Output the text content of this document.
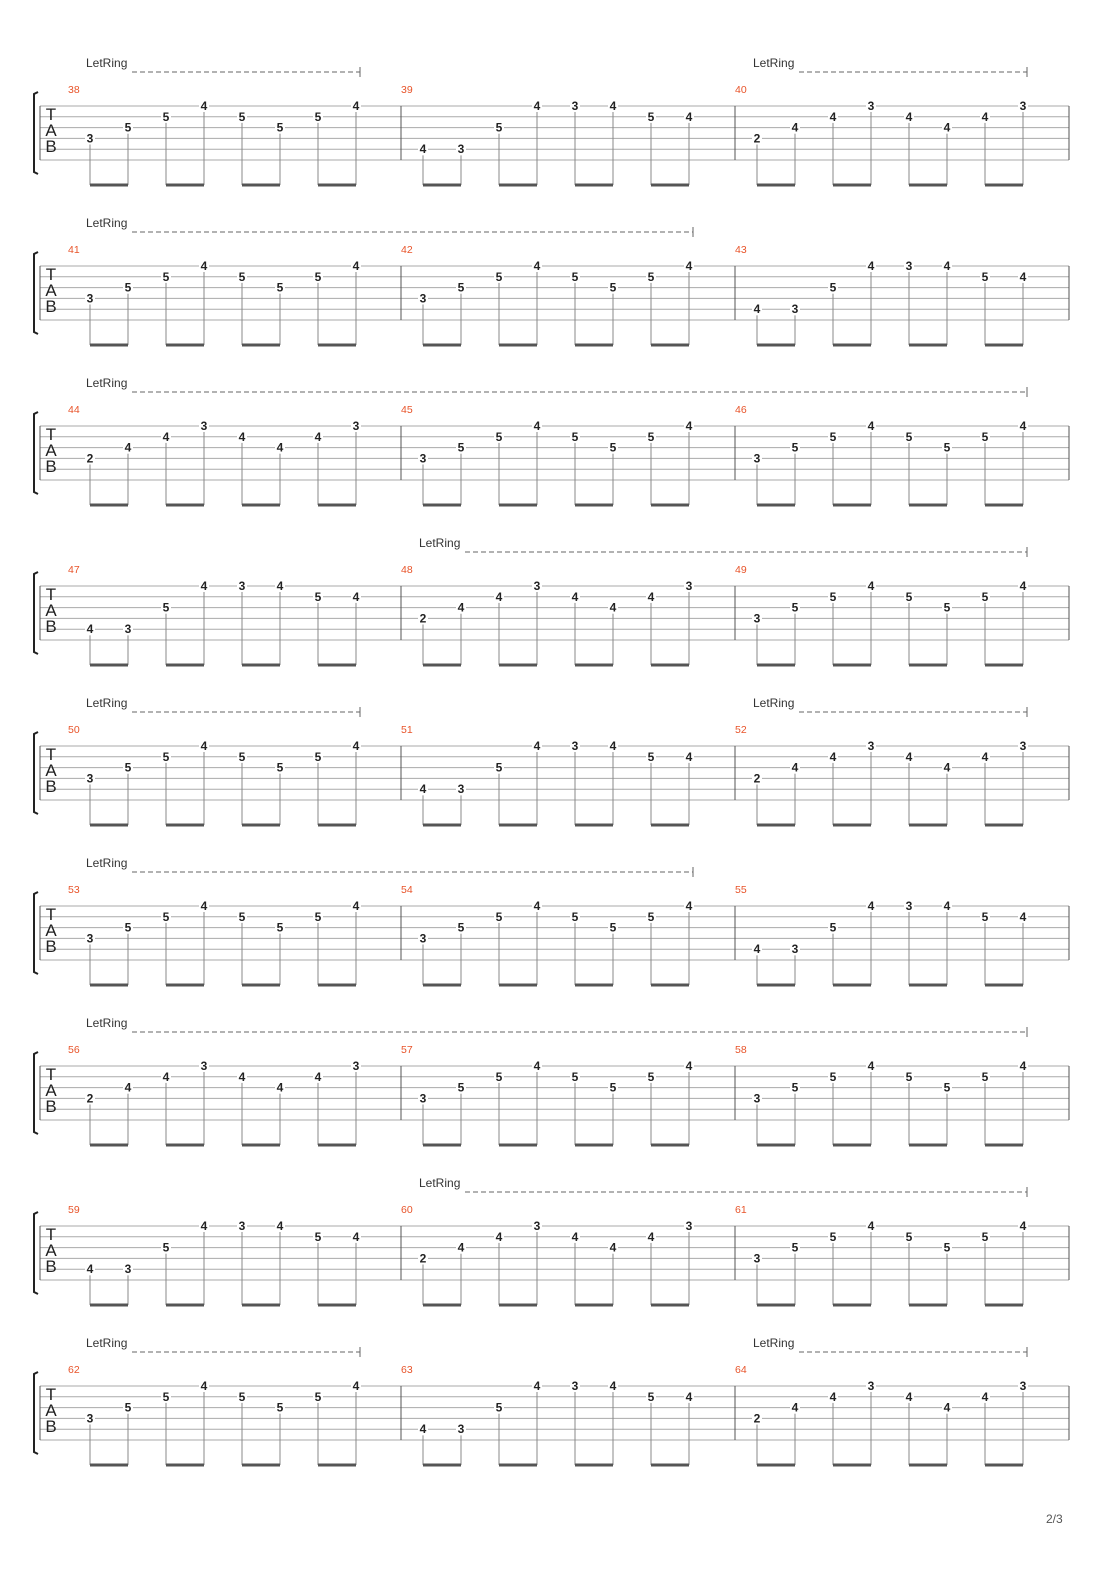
T
A
B
38
3
5
5
4
5
5
5
4
39
4	3
5
4	3	4
5	4
40
2
4
4
3
4
4
4
3
LetRing	LetRing
T
A
B
41
3
5
5
4
5
5
5
4
42
3
5
5
4
5
5
5
4
43
4	3
5
4	3	4
5	4
LetRing
T
A
B
44
2
4
4
3
4
4
4
3
45
3
5
5
4
5
5
5
4
46
3
5
5
4
5
5
5
4
LetRing
T
A
B
47
4	3
5
4	3	4
5	4
48
2
4
4
3
4
4
4
3
49
3
5
5
4
5
5
5
4
LetRing
T
A
B
50
3
5
5
4
5
5
5
4
51
4	3
5
4	3	4
5	4
52
2
4
4
3
4
4
4
3
LetRing	LetRing
T
A
B
53
3
5
5
4
5
5
5
4
54
3
5
5
4
5
5
5
4
55
4	3
5
4	3	4
5	4
LetRing
T
A
B
56
2
4
4
3
4
4
4
3
57
3
5
5
4
5
5
5
4
58
3
5
5
4
5
5
5
4
LetRing
T
A
B
59
4	3
5
4	3	4
5	4
60
2
4
4
3
4
4
4
3
61
3
5
5
4
5
5
5
4
LetRing
T
A
B
62
3
5
5
4
5
5
5
4
63
4	3
5
4	3	4
5	4
64
2
4
4
3
4
4
4
3
LetRing	LetRing
2/3
